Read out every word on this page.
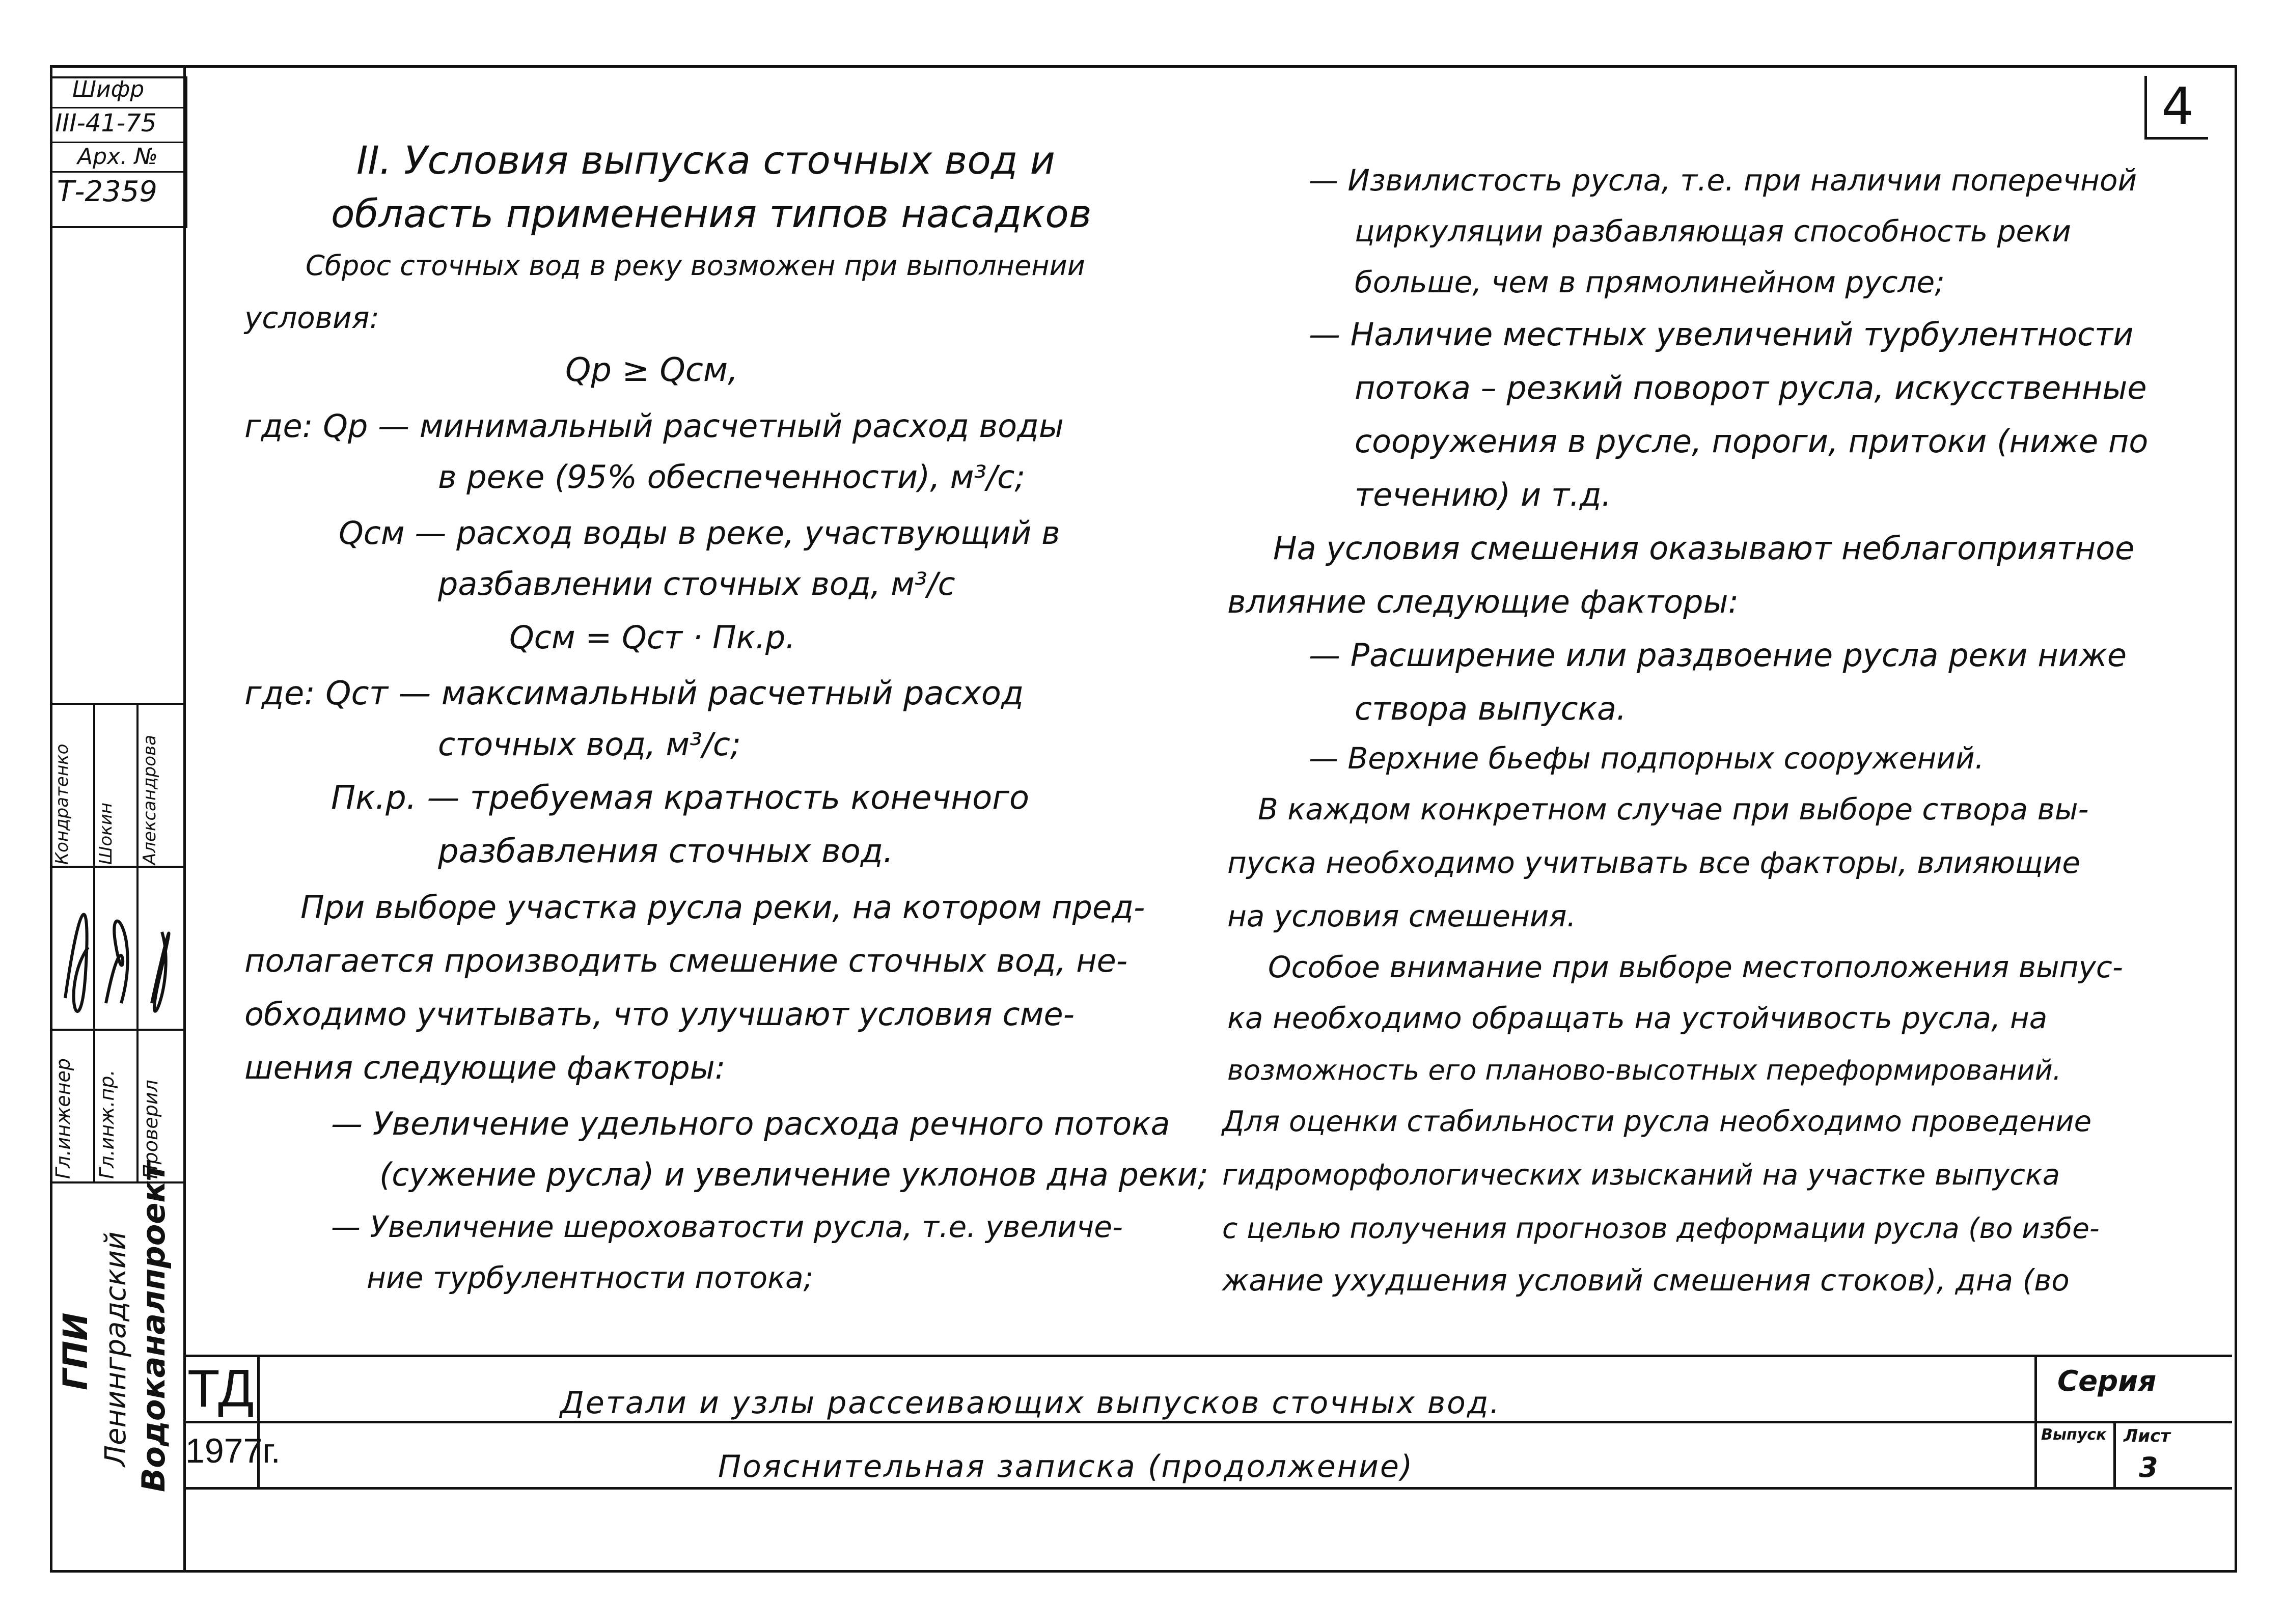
Шифр
III-41-75
Арх. №
Т-2359
4
II. Условия выпуска сточных вод и
область применения типов насадков
Сброс сточных вод в реку возможен при выполнении
условия:
Qр ≥ Qсм,
где: Qр — минимальный расчетный расход воды
в реке (95% обеспеченности), м³/с;
Qсм — расход воды в реке, участвующий в
разбавлении сточных вод, м³/с
Qсм = Qст · Пк.р.
где: Qст — максимальный расчетный расход
сточных вод, м³/с;
Пк.р. — требуемая кратность конечного
разбавления сточных вод.
При выборе участка русла реки, на котором пред-
полагается производить смешение сточных вод, не-
обходимо учитывать, что улучшают условия сме-
шения следующие факторы:
— Увеличение удельного расхода речного потока
(сужение русла) и увеличение уклонов дна реки;
— Увеличение шероховатости русла, т.е. увеличе-
ние турбулентности потока;
— Извилистость русла, т.е. при наличии поперечной
циркуляции разбавляющая способность реки
больше, чем в прямолинейном русле;
— Наличие местных увеличений турбулентности
потока – резкий поворот русла, искусственные
сооружения в русле, пороги, притоки (ниже по
течению) и т.д.
На условия смешения оказывают неблагоприятное
влияние следующие факторы:
— Расширение или раздвоение русла реки ниже
створа выпуска.
— Верхние бьефы подпорных сооружений.
В каждом конкретном случае при выборе створа вы-
пуска необходимо учитывать все факторы, влияющие
на условия смешения.
Особое внимание при выборе местоположения выпус-
ка необходимо обращать на устойчивость русла, на
возможность его планово-высотных переформирований.
Для оценки стабильности русла необходимо проведение
гидроморфологических изысканий на участке выпуска
с целью получения прогнозов деформации русла (во избе-
жание ухудшения условий смешения стоков), дна (во
Гл.инженер Гл.инж.пр. Проверил
Кондратенко Шокин Александрова
ГПИ Ленинградский Водоканалпроект ТД
1977г.
Детали и узлы рассеивающих выпусков сточных вод.
Пояснительная записка (продолжение)
Серия
Выпуск Лист
3
